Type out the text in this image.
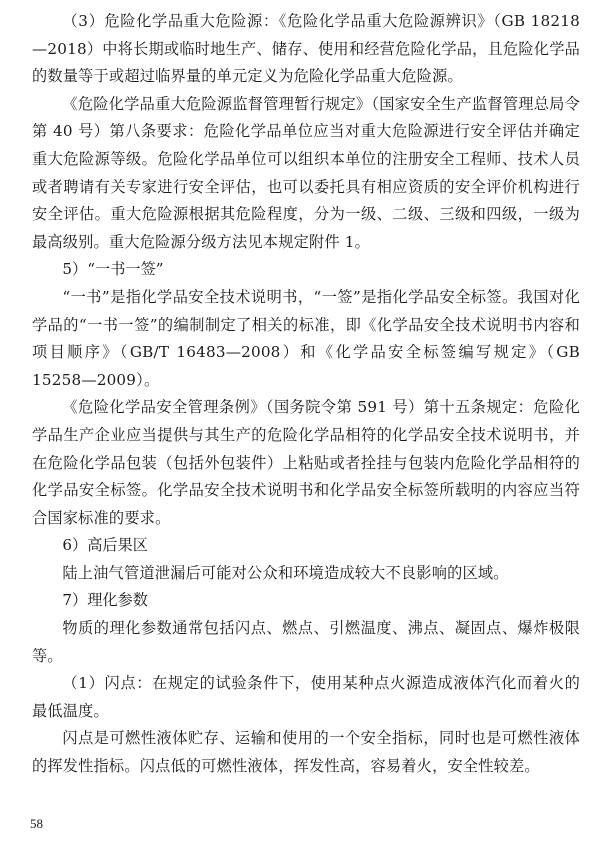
（3）危险化学品重大危险源：《危险化学品重大危险源辨识》（GB 18218—2018）中将长期或临时地生产、储存、使用和经营危险化学品，且危险化学品的数量等于或超过临界量的单元定义为危险化学品重大危险源。

《危险化学品重大危险源监督管理暂行规定》（国家安全生产监督管理总局令第 40 号）第八条要求：危险化学品单位应当对重大危险源进行安全评估并确定重大危险源等级。危险化学品单位可以组织本单位的注册安全工程师、技术人员或者聘请有关专家进行安全评估，也可以委托具有相应资质的安全评价机构进行安全评估。重大危险源根据其危险程度，分为一级、二级、三级和四级，一级为最高级别。重大危险源分级方法见本规定附件 1。

5）“一书一签”

“一书”是指化学品安全技术说明书，“一签”是指化学品安全标签。我国对化学品的“一书一签”的编制制定了相关的标准，即《化学品安全技术说明书内容和项目顺序》（GB/T 16483—2008）和《化学品安全标签编写规定》（GB 15258—2009）。

《危险化学品安全管理条例》（国务院令第 591 号）第十五条规定：危险化学品生产企业应当提供与其生产的危险化学品相符的化学品安全技术说明书，并在危险化学品包装（包括外包装件）上粘贴或者拴挂与包装内危险化学品相符的化学品安全标签。化学品安全技术说明书和化学品安全标签所载明的内容应当符合国家标准的要求。

6）高后果区

陆上油气管道泄漏后可能对公众和环境造成较大不良影响的区域。

7）理化参数

物质的理化参数通常包括闪点、燃点、引燃温度、沸点、凝固点、爆炸极限等。

（1）闪点：在规定的试验条件下，使用某种点火源造成液体汽化而着火的最低温度。

闪点是可燃性液体贮存、运输和使用的一个安全指标，同时也是可燃性液体的挥发性指标。闪点低的可燃性液体，挥发性高，容易着火，安全性较差。

58
